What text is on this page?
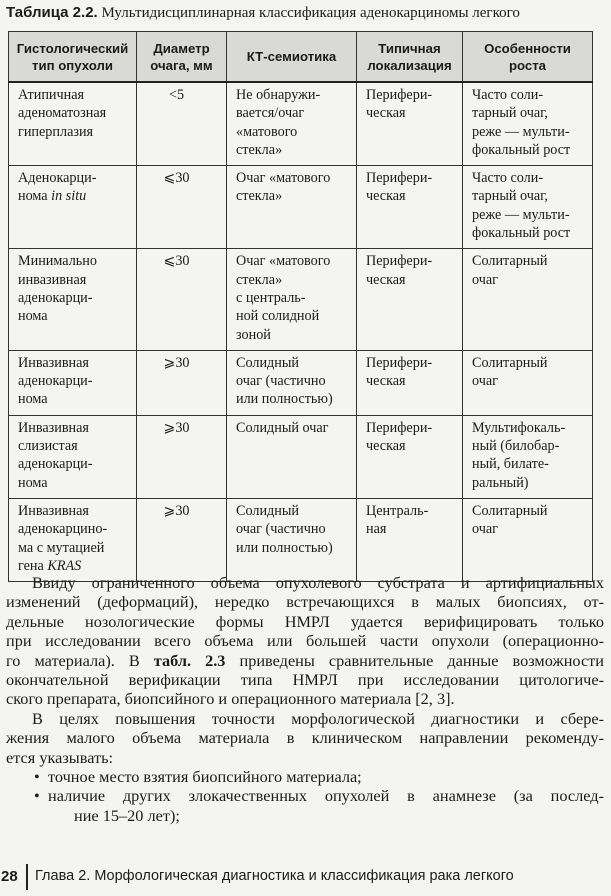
Таблица 2.2. Мультидисциплинарная классификация аденокарциномы легкого
Гистологический
тип опухоли	Диаметр
очага, мм	КТ-семиотика	Типичная
локализация	Особенности
роста

Атипичная
аденоматозная
гиперплазия	<5	Не обнаружи-
вается/очаг
«матового
стекла»	Перифери-
ческая	Часто соли-
тарный очаг,
реже — мульти-
фокальный рост

Аденокарци-
нома in situ	⩽30	Очаг «матового
стекла»	Перифери-
ческая	Часто соли-
тарный очаг,
реже — мульти-
фокальный рост

Минимально
инвазивная
аденокарци-
нома	⩽30	Очаг «матового
стекла»
с централь-
ной солидной
зоной	Перифери-
ческая	Солитарный
очаг

Инвазивная
аденокарци-
нома	⩾30	Солидный
очаг (частично
или полностью)	Перифери-
ческая	Солитарный
очаг

Инвазивная
слизистая
аденокарци-
нома	⩾30	Солидный очаг	Перифери-
ческая	Мультифокаль-
ный (билобар-
ный, билате-
ральный)

Инвазивная
аденокарцино-
ма с мутацией
гена KRAS	⩾30	Солидный
очаг (частично
или полностью)	Централь-
ная	Солитарный
очаг
Ввиду ограниченного объема опухолевого субстрата и артифициальных
изменений (деформаций), нередко встречающихся в малых биопсиях, от-
дельные нозологические формы НМРЛ удается верифицировать только
при исследовании всего объема или большей части опухоли (операционно-
го материала). В табл. 2.3 приведены сравнительные данные возможности
окончательной верификации типа НМРЛ при исследовании цитологиче-
ского препарата, биопсийного и операционного материала [2, 3].
В целях повышения точности морфологической диагностики и сбере-
жения малого объема материала в клиническом направлении рекоменду-
ется указывать:
• точное место взятия биопсийного материала;
• наличие других злокачественных опухолей в анамнезе (за послед-
ние 15–20 лет);
28 Глава 2. Морфологическая диагностика и классификация рака легкого
